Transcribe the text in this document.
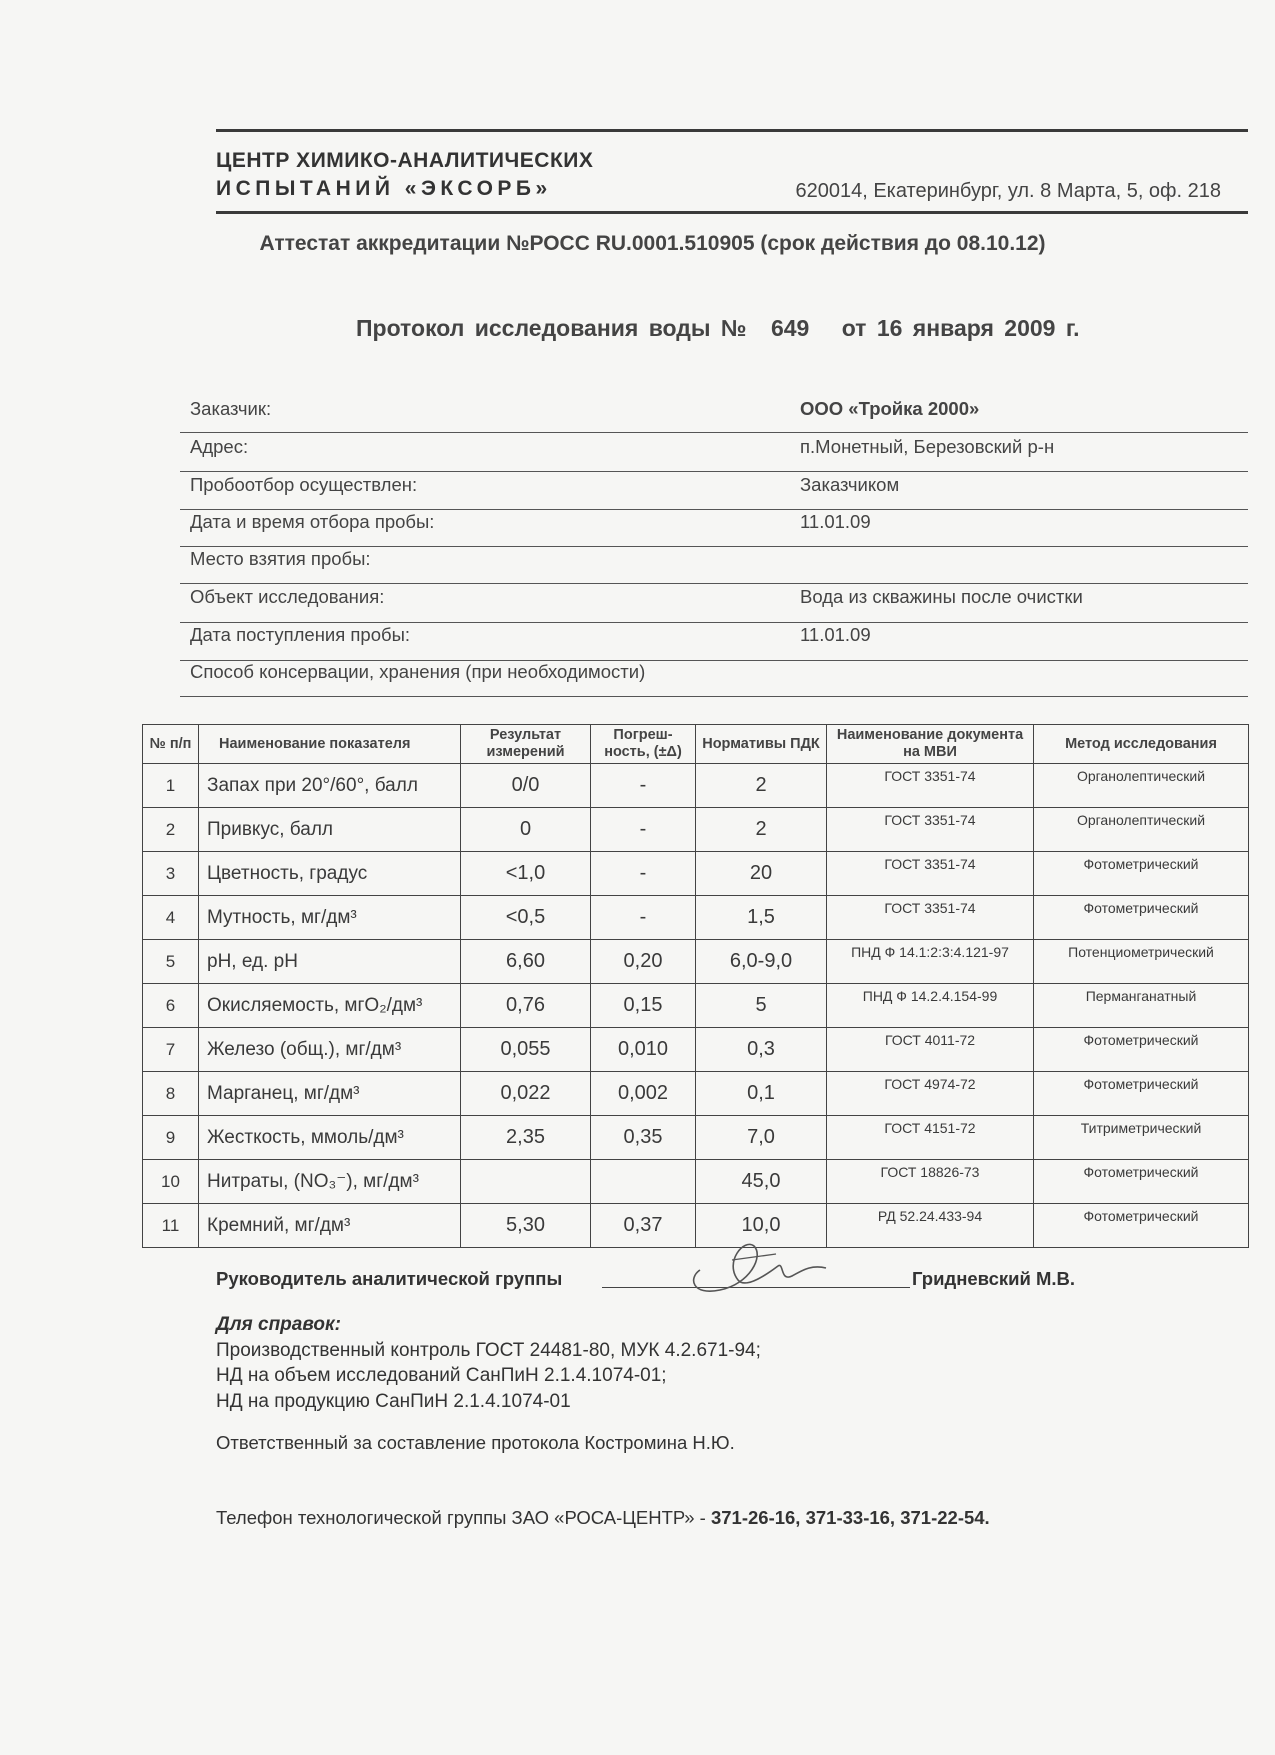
ЦЕНТР ХИМИКО-АНАЛИТИЧЕСКИХ
ИСПЫТАНИЙ «ЭКСОРБ»	620014, Екатеринбург, ул. 8 Марта, 5, оф. 218
Аттестат аккредитации №РОСС RU.0001.510905 (срок действия до 08.10.12)
Протокол исследования воды № 649 от 16 января 2009 г.
Заказчик:	ООО «Тройка 2000»
Адрес:	п.Монетный, Березовский р-н
Пробоотбор осуществлен:	Заказчиком
Дата и время отбора пробы:	11.01.09
Место взятия пробы:
Объект исследования:	Вода из скважины после очистки
Дата поступления пробы:	11.01.09
Способ консервации, хранения (при необходимости)
№ п/п	Наименование показателя	Результат измерений	Погреш-ность, (±Δ)	Нормативы ПДК	Наименование документа на МВИ	Метод исследования
1	Запах при 20°/60°, балл	0/0	-	2	ГОСТ 3351-74	Органолептический
2	Привкус, балл	0	-	2	ГОСТ 3351-74	Органолептический
3	Цветность, градус	<1,0	-	20	ГОСТ 3351-74	Фотометрический
4	Мутность, мг/дм³	<0,5	-	1,5	ГОСТ 3351-74	Фотометрический
5	pH, ед. pH	6,60	0,20	6,0-9,0	ПНД Ф 14.1:2:3:4.121-97	Потенциометрический
6	Окисляемость, мгO₂/дм³	0,76	0,15	5	ПНД Ф 14.2.4.154-99	Перманганатный
7	Железо (общ.), мг/дм³	0,055	0,010	0,3	ГОСТ 4011-72	Фотометрический
8	Марганец, мг/дм³	0,022	0,002	0,1	ГОСТ 4974-72	Фотометрический
9	Жесткость, ммоль/дм³	2,35	0,35	7,0	ГОСТ 4151-72	Титриметрический
10	Нитраты, (NO₃⁻), мг/дм³			45,0	ГОСТ 18826-73	Фотометрический
11	Кремний, мг/дм³	5,30	0,37	10,0	РД 52.24.433-94	Фотометрический
Руководитель аналитической группы	Гридневский М.В.
Для справок:
Производственный контроль ГОСТ 24481-80, МУК 4.2.671-94;
НД на объем исследований СанПиН 2.1.4.1074-01;
НД на продукцию СанПиН 2.1.4.1074-01
Ответственный за составление протокола Костромина Н.Ю.
Телефон технологической группы ЗАО «РОСА-ЦЕНТР» - 371-26-16, 371-33-16, 371-22-54.
